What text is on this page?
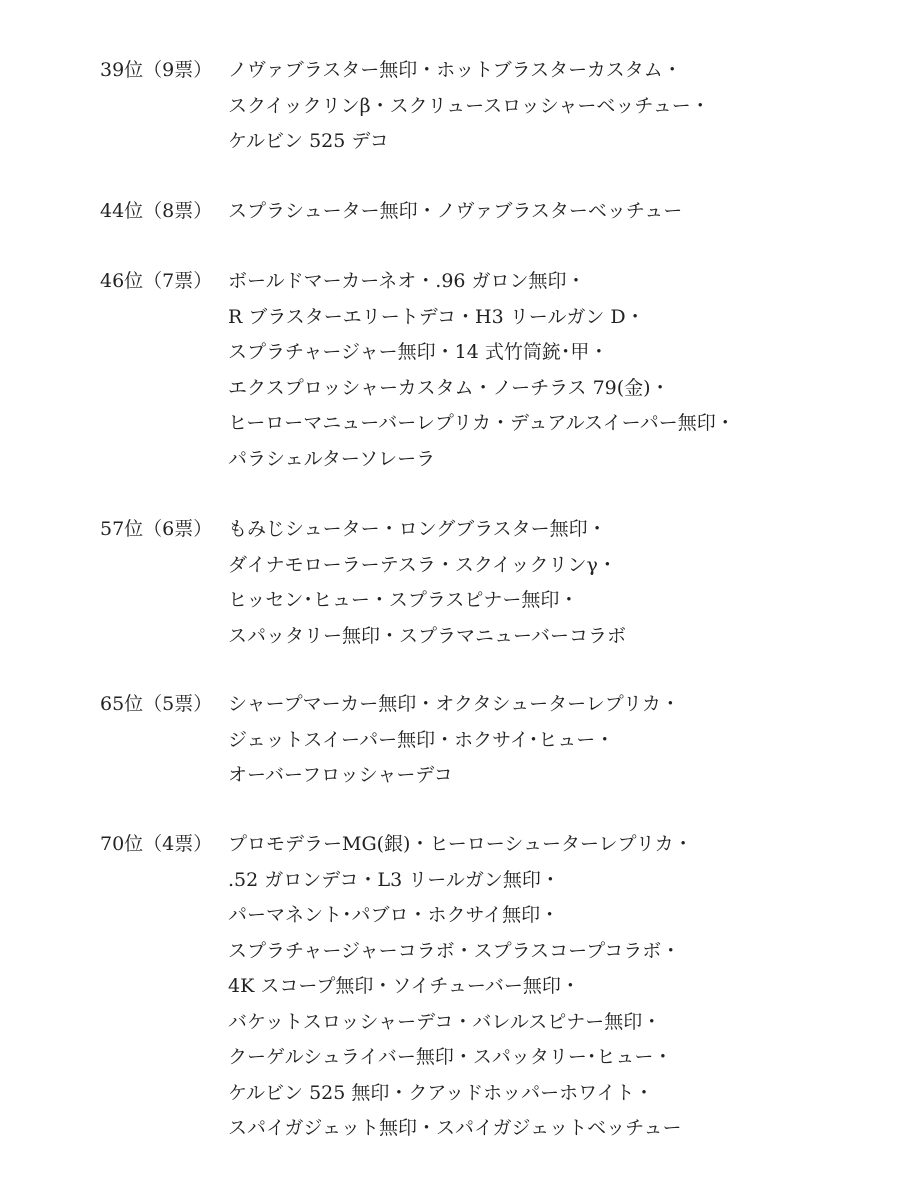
39位（9票） ノヴァブラスター無印・ホットブラスターカスタム・
スクイックリンβ・スクリュースロッシャーベッチュー・
ケルビン 525 デコ
44位（8票） スプラシューター無印・ノヴァブラスターベッチュー
46位（7票） ボールドマーカーネオ・.96 ガロン無印・
R ブラスターエリートデコ・H3 リールガン D・
スプラチャージャー無印・14 式竹筒銃･甲・
エクスプロッシャーカスタム・ノーチラス 79(金)・
ヒーローマニューバーレプリカ・デュアルスイーパー無印・
パラシェルターソレーラ
57位（6票） もみじシューター・ロングブラスター無印・
ダイナモローラーテスラ・スクイックリンγ・
ヒッセン･ヒュー・スプラスピナー無印・
スパッタリー無印・スプラマニューバーコラボ
65位（5票） シャープマーカー無印・オクタシューターレプリカ・
ジェットスイーパー無印・ホクサイ･ヒュー・
オーバーフロッシャーデコ
70位（4票） プロモデラーMG(銀)・ヒーローシューターレプリカ・
.52 ガロンデコ・L3 リールガン無印・
パーマネント･パブロ・ホクサイ無印・
スプラチャージャーコラボ・スプラスコープコラボ・
4K スコープ無印・ソイチューバー無印・
バケットスロッシャーデコ・バレルスピナー無印・
クーゲルシュライバー無印・スパッタリー･ヒュー・
ケルビン 525 無印・クアッドホッパーホワイト・
スパイガジェット無印・スパイガジェットベッチュー
